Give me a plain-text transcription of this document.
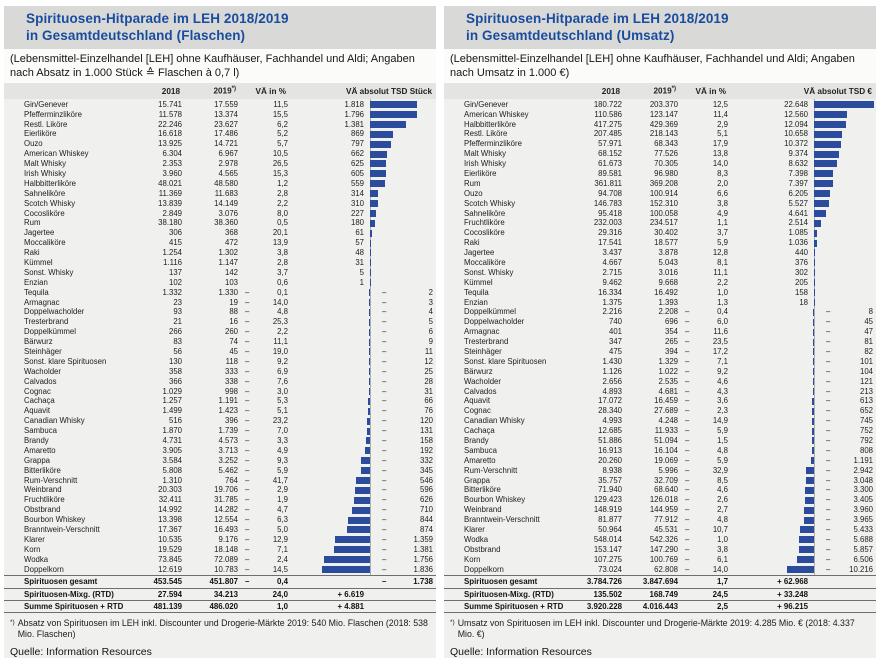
Spirituosen-Hitparade im LEH 2018/2019
in Gesamtdeutschland (Flaschen)

(Lebensmittel-Einzelhandel [LEH] ohne Kaufhäuser, Fachhandel und Aldi; Angaben nach Absatz in 1.000 Stück ≙ Flaschen à 0,7 l)

2018	2019*)	VÄ in %	VÄ absolut TSD Stück
Gin/Genever	15.741	17.559	11,5	1.818
Pfefferminzliköre	11.578	13.374	15,5	1.796
Restl. Liköre	22.246	23.627	6,2	1.381
Eierliköre	16.618	17.486	5,2	869
Ouzo	13.925	14.721	5,7	797
American Whiskey	6.304	6.967	10,5	662
Malt Whisky	2.353	2.978	26,5	625
Irish Whisky	3.960	4.565	15,3	605
Halbbitterliköre	48.021	48.580	1,2	559
Sahneliköre	11.369	11.683	2,8	314
Scotch Whisky	13.839	14.149	2,2	310
Cocosliköre	2.849	3.076	8,0	227
Rum	38.180	38.360	0,5	180
Jagertee	306	368	20,1	61
Moccaliköre	415	472	13,9	57
Raki	1.254	1.302	3,8	48
Kümmel	1.116	1.147	2,8	31
Sonst. Whisky	137	142	3,7	5
Enzian	102	103	0,6	1
Tequila	1.332	1.330 –	0,1	–	2
Armagnac	23	19 –	14,0	–	3
Doppelwacholder	93	88 –	4,8	–	4
Tresterbrand	21	16 –	25,3	–	5
Doppelkümmel	266	260 –	2,2	–	6
Bärwurz	83	74 –	11,1	–	9
Steinhäger	56	45 –	19,0	–	11
Sonst. klare Spirituosen	130	118 –	9,2	–	12
Wacholder	358	333 –	6,9	–	25
Calvados	366	338 –	7,6	–	28
Cognac	1.029	998 –	3,0	–	31
Cachaça	1.257	1.191 –	5,3	–	66
Aquavit	1.499	1.423 –	5,1	–	76
Canadian Whisky	516	396 –	23,2	–	120
Sambuca	1.870	1.739 –	7,0	–	131
Brandy	4.731	4.573 –	3,3	–	158
Amaretto	3.905	3.713 –	4,9	–	192
Grappa	3.584	3.252 –	9,3	–	332
Bitterliköre	5.808	5.462 –	5,9	–	345
Rum-Verschnitt	1.310	764 –	41,7	–	546
Weinbrand	20.303	19.706 –	2,9	–	596
Fruchtliköre	32.411	31.785 –	1,9	–	626
Obstbrand	14.992	14.282 –	4,7	–	710
Bourbon Whiskey	13.398	12.554 –	6,3	–	844
Branntwein-Verschnitt	17.367	16.493 –	5,0	–	874
Klarer	10.535	9.176 –	12,9	–	1.359
Korn	19.529	18.148 –	7,1	–	1.381
Wodka	73.845	72.089 –	2,4	–	1.756
Doppelkorn	12.619	10.783 –	14,5	–	1.836
Spirituosen gesamt	453.545	451.807 –	0,4	–	1.738
Spirituosen-Mixg. (RTD)	27.594	34.213	24,0	+ 6.619
Summe Spirituosen + RTD	481.139	486.020	1,0	+ 4.881

*) Absatz von Spirituosen im LEH inkl. Discounter und Drogerie-Märkte 2019: 540 Mio. Flaschen (2018: 538 Mio. Flaschen)

Quelle: Information Resources

Spirituosen-Hitparade im LEH 2018/2019
in Gesamtdeutschland (Umsatz)

(Lebensmittel-Einzelhandel [LEH] ohne Kaufhäuser, Fachhandel und Aldi; Angaben nach Umsatz in 1.000 €)

2018	2019*)	VÄ in %	VÄ absolut TSD €
Gin/Genever	180.722	203.370	12,5	22.648
American Whiskey	110.586	123.147	11,4	12.560
Halbbitterliköre	417.275	429.369	2,9	12.094
Restl. Liköre	207.485	218.143	5,1	10.658
Pfefferminzliköre	57.971	68.343	17,9	10.372
Malt Whisky	68.152	77.526	13,8	9.374
Irish Whisky	61.673	70.305	14,0	8.632
Eierliköre	89.581	96.980	8,3	7.398
Rum	361.811	369.208	2,0	7.397
Ouzo	94.708	100.914	6,6	6.205
Scotch Whisky	146.783	152.310	3,8	5.527
Sahneliköre	95.418	100.058	4,9	4.641
Fruchtliköre	232.003	234.517	1,1	2.514
Cocosliköre	29.316	30.402	3,7	1.085
Raki	17.541	18.577	5,9	1.036
Jagertee	3.437	3.878	12,8	440
Moccaliköre	4.667	5.043	8,1	376
Sonst. Whisky	2.715	3.016	11,1	302
Kümmel	9.462	9.668	2,2	205
Tequila	16.334	16.492	1,0	158
Enzian	1.375	1.393	1,3	18
Doppelkümmel	2.216	2.208 –	0,4	–	8
Doppelwacholder	740	696 –	6,0	–	45
Armagnac	401	354 –	11,6	–	47
Tresterbrand	347	265 –	23,5	–	81
Steinhäger	475	394 –	17,2	–	82
Sonst. klare Spirituosen	1.430	1.329 –	7,1	–	101
Bärwurz	1.126	1.022 –	9,2	–	104
Wacholder	2.656	2.535 –	4,6	–	121
Calvados	4.893	4.681 –	4,3	–	213
Aquavit	17.072	16.459 –	3,6	–	613
Cognac	28.340	27.689 –	2,3	–	652
Canadian Whisky	4.993	4.248 –	14,9	–	745
Cachaça	12.685	11.933 –	5,9	–	752
Brandy	51.886	51.094 –	1,5	–	792
Sambuca	16.913	16.104 –	4,8	–	808
Amaretto	20.260	19.069 –	5,9	–	1.191
Rum-Verschnitt	8.938	5.996 –	32,9	–	2.942
Grappa	35.757	32.709 –	8,5	–	3.048
Bitterliköre	71.940	68.640 –	4,6	–	3.300
Bourbon Whiskey	129.423	126.018 –	2,6	–	3.405
Weinbrand	148.919	144.959 –	2,7	–	3.960
Branntwein-Verschnitt	81.877	77.912 –	4,8	–	3.965
Klarer	50.964	45.531 –	10,7	–	5.433
Wodka	548.014	542.326 –	1,0	–	5.688
Obstbrand	153.147	147.290 –	3,8	–	5.857
Korn	107.275	100.769 –	6,1	–	6.506
Doppelkorn	73.024	62.808 –	14,0	– 10.216
Spirituosen gesamt	3.784.726	3.847.694	1,7	+ 62.968
Spirituosen-Mixg. (RTD)	135.502	168.749	24,5	+ 33.248
Summe Spirituosen + RTD	3.920.228	4.016.443	2,5	+ 96.215

*) Umsatz von Spirituosen im LEH inkl. Discounter und Drogerie-Märkte 2019: 4.285 Mio. € (2018: 4.337 Mio. €)

Quelle: Information Resources
